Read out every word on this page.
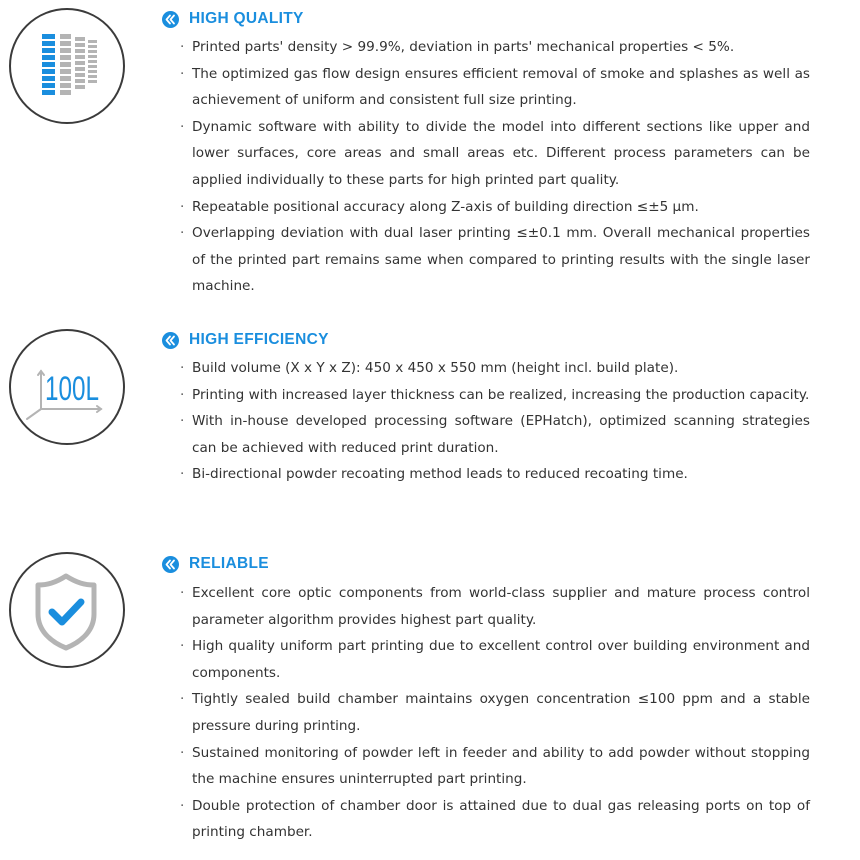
HIGH QUALITY
· Printed parts' density > 99.9%, deviation in parts' mechanical properties < 5%.
· The optimized gas flow design ensures efficient removal of smoke and splashes as well as achievement of uniform and consistent full size printing.
· Dynamic software with ability to divide the model into different sections like upper and lower surfaces, core areas and small areas etc. Different process parameters can be applied individually to these parts for high printed part quality.
· Repeatable positional accuracy along Z-axis of building direction ≤±5 μm.
· Overlapping deviation with dual laser printing ≤±0.1 mm. Overall mechanical properties of the printed part remains same when compared to printing results with the single laser machine.
100L
HIGH EFFICIENCY
· Build volume (X x Y x Z): 450 x 450 x 550 mm (height incl. build plate).
· Printing with increased layer thickness can be realized, increasing the production capacity.
· With in-house developed processing software (EPHatch), optimized scanning strategies can be achieved with reduced print duration.
· Bi-directional powder recoating method leads to reduced recoating time.
RELIABLE
· Excellent core optic components from world-class supplier and mature process control parameter algorithm provides highest part quality.
· High quality uniform part printing due to excellent control over building environment and components.
· Tightly sealed build chamber maintains oxygen concentration ≤100 ppm and a stable pressure during printing.
· Sustained monitoring of powder left in feeder and ability to add powder without stopping the machine ensures uninterrupted part printing.
· Double protection of chamber door is attained due to dual gas releasing ports on top of printing chamber.
